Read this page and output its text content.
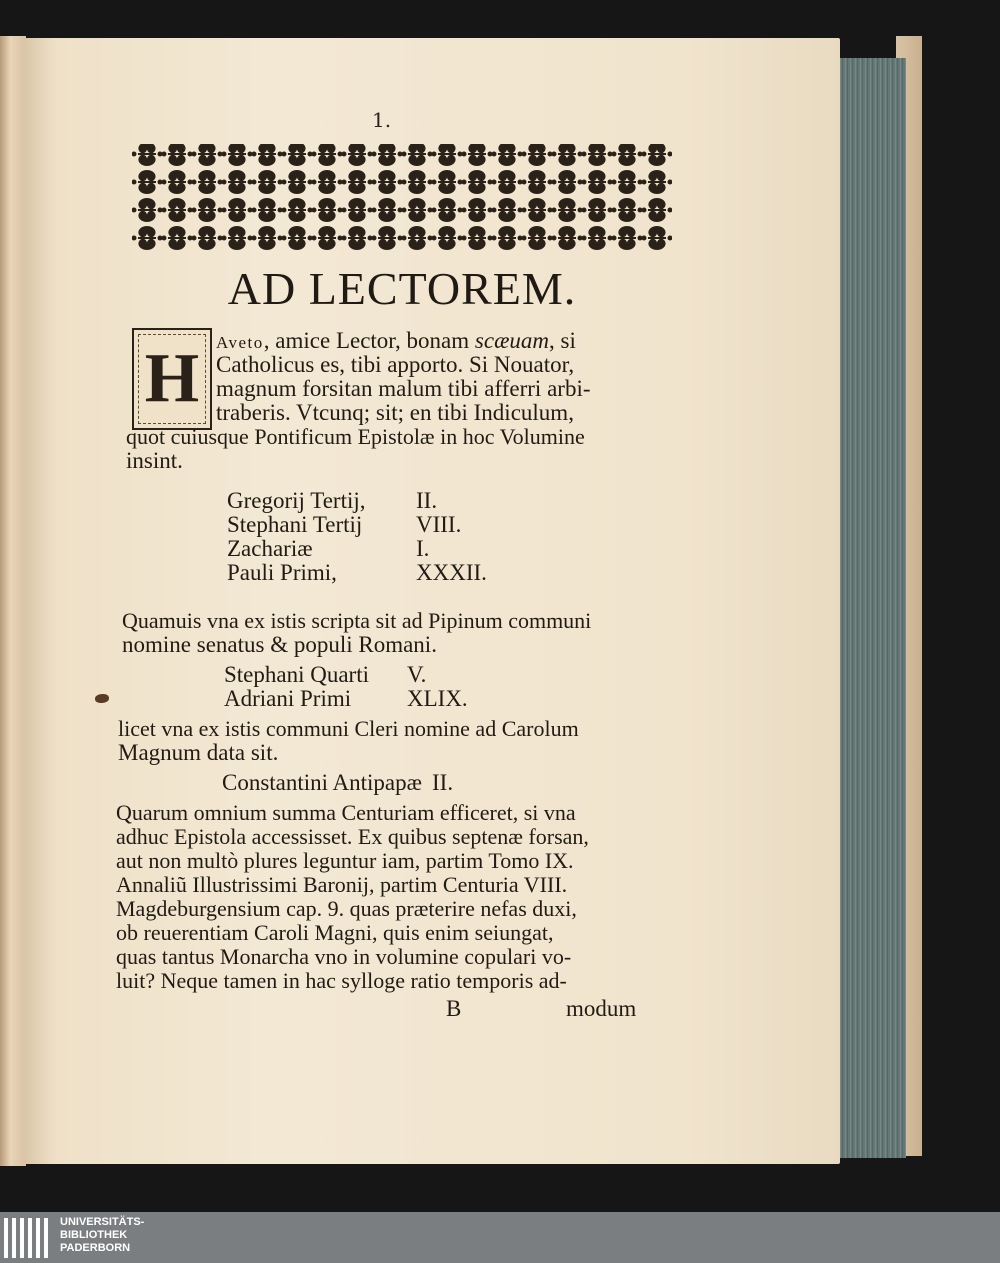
1.
AD LECTOREM.
H Aveto, amice Lector, bonam scæuam, si
Catholicus es, tibi apporto. Si Nouator,
magnum forsitan malum tibi afferri arbi-
traberis. Vtcunq; sit; en tibi Indiculum,
quot cuiusque Pontificum Epistolæ in hoc Volumine
insint.
Gregorij Tertij, II.
Stephani Tertij VIII.
Zachariæ	I.
Pauli Primi,	XXXII.
Quamuis vna ex istis scripta sit ad Pipinum communi
nomine senatus & populi Romani.
Stephani Quarti V.
Adriani Primi XLIX.
licet vna ex istis communi Cleri nomine ad Carolum
Magnum data sit.
Constantini Antipapæ II.
Quarum omnium summa Centuriam efficeret, si vna
adhuc Epistola accessisset. Ex quibus septenæ forsan,
aut non multò plures leguntur iam, partim Tomo IX.
Annaliũ Illustrissimi Baronij, partim Centuria VIII.
Magdeburgensium cap. 9. quas præterire nefas duxi,
ob reuerentiam Caroli Magni, quis enim seiungat,
quas tantus Monarcha vno in volumine copulari vo-
luit? Neque tamen in hac sylloge ratio temporis ad-
B	modum
UNIVERSITÄTS-
BIBLIOTHEK
PADERBORN
